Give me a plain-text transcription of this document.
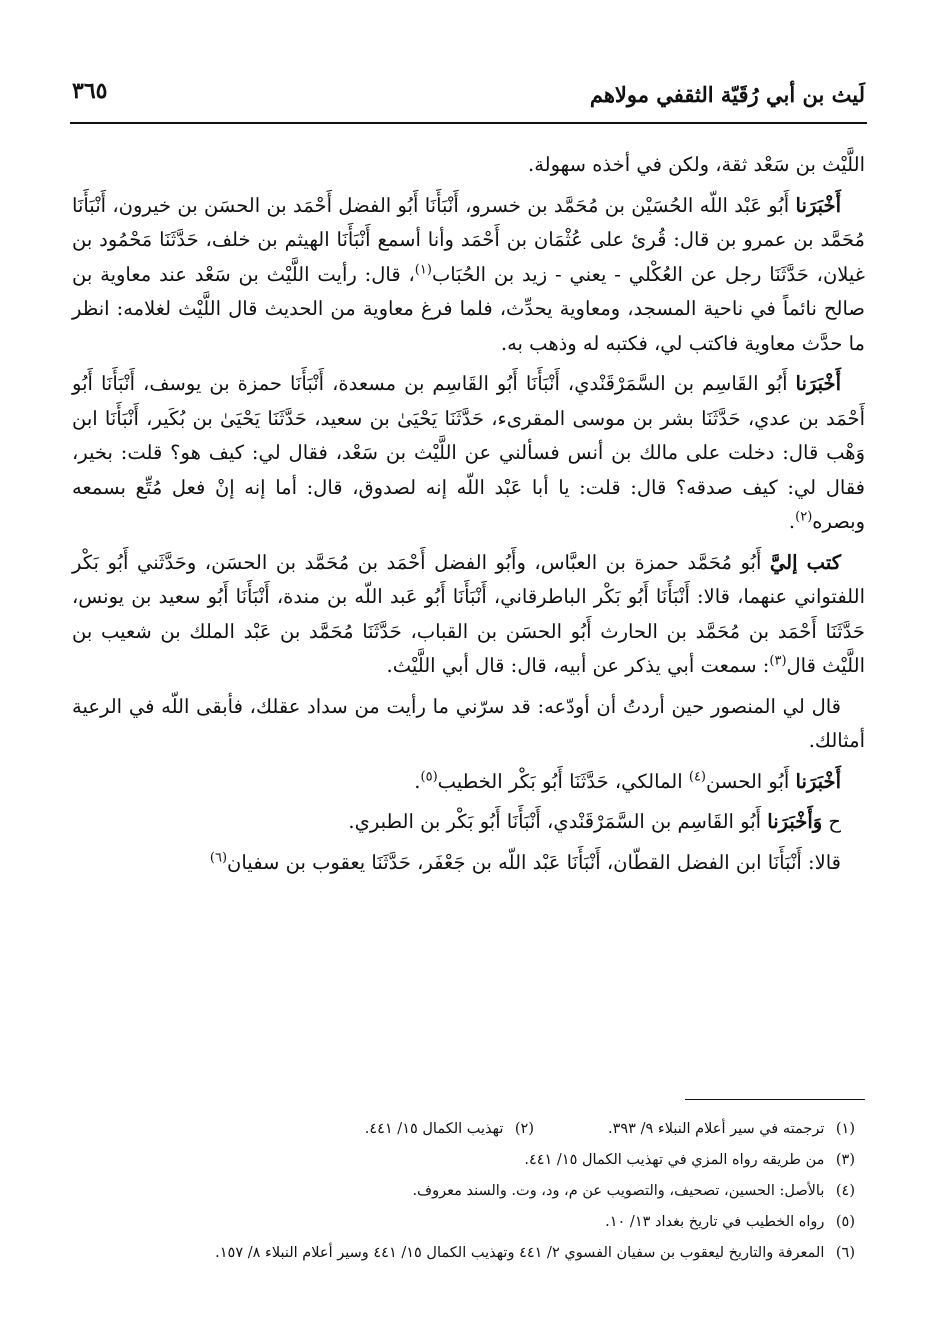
لَيث بن أبي رُقَيّة الثقفي مولاهم
٣٦٥

اللَّيْث بن سَعْد ثقة، ولكن في أخذه سهولة.

أَخْبَرَنا أَبُو عَبْد اللّه الحُسَيْن بن مُحَمَّد بن خسرو، أَنْبَأَنَا أَبُو الفضل أَحْمَد بن الحسَن بن خيرون، أَنْبَأَنَا مُحَمَّد بن عمرو بن قال: قُرئ على عُثْمَان بن أَحْمَد وأنا أسمع أَنْبَأَنَا الهيثم بن خلف، حَدَّثَنَا مَحْمُود بن غيلان، حَدَّثَنَا رجل عن العُكْلي - يعني - زيد بن الحُبَاب$^{(١)}$، قال: رأيت اللَّيْث بن سَعْد عند معاوية بن صالح نائماً في ناحية المسجد، ومعاوية يحدِّث، فلما فرغ معاوية من الحديث قال اللَّيْث لغلامه: انظر ما حدَّث معاوية فاكتب لي، فكتبه له وذهب به.

أَخْبَرَنا أَبُو القَاسِم بن السَّمَرْقَنْدي، أَنْبَأَنَا أَبُو القَاسِم بن مسعدة، أَنْبَأَنَا حمزة بن يوسف، أَنْبَأَنَا أَبُو أَحْمَد بن عدي، حَدَّثَنَا بشر بن موسى المقرىء، حَدَّثَنَا يَحْيَىٰ بن سعيد، حَدَّثَنَا يَحْيَىٰ بن بُكَير، أَنْبَأَنَا ابن وَهْب قال: دخلت على مالك بن أنس فسألني عن اللَّيْث بن سَعْد، فقال لي: كيف هو؟ قلت: بخير، فقال لي: كيف صدقه؟ قال: قلت: يا أبا عَبْد اللّه إنه لصدوق، قال: أما إنه إنْ فعل مُتِّع بسمعه وبصره$^{(٢)}$.

كتب إليَّ أَبُو مُحَمَّد حمزة بن العبَّاس، وأَبُو الفضل أَحْمَد بن مُحَمَّد بن الحسَن، وحَدَّثَني أَبُو بَكْر اللفتواني عنهما، قالا: أَنْبَأَنَا أَبُو بَكْر الباطرقاني، أَنْبَأَنَا أَبُو عَبد اللّه بن مندة، أَنْبَأَنَا أَبُو سعيد بن يونس، حَدَّثَنَا أَحْمَد بن مُحَمَّد بن الحارث أَبُو الحسَن بن القباب، حَدَّثَنَا مُحَمَّد بن عَبْد الملك بن شعيب بن اللَّيْث قال$^{(٣)}$: سمعت أبي يذكر عن أبيه، قال: قال أبي اللَّيْث.

قال لي المنصور حين أردتُ أن أودّعه: قد سرّني ما رأيت من سداد عقلك، فأبقى اللّه في الرعية أمثالك.

أَخْبَرَنا أَبُو الحسن$^{(٤)}$ المالكي، حَدَّثَنَا أَبُو بَكْر الخطيب$^{(٥)}$.

ح وَأَخْبَرَنا أَبُو القَاسِم بن السَّمَرْقَنْدي، أَنْبَأَنَا أَبُو بَكْر بن الطبري.

قالا: أَنْبَأَنَا ابن الفضل القطّان، أَنْبَأَنَا عَبْد اللّه بن جَعْفَر، حَدَّثَنَا يعقوب بن سفيان$^{(٦)}$

(١) ترجمته في سير أعلام النبلاء ٩/ ٣٩٣.
(٢) تهذيب الكمال ١٥/ ٤٤١.
(٣) من طريقه رواه المزي في تهذيب الكمال ١٥/ ٤٤١.
(٤) بالأصل: الحسين، تصحيف، والتصويب عن م، ود، وت. والسند معروف.
(٥) رواه الخطيب في تاريخ بغداد ١٣/ ١٠.
(٦) المعرفة والتاريخ ليعقوب بن سفيان الفسوي ٢/ ٤٤١ وتهذيب الكمال ١٥/ ٤٤١ وسير أعلام النبلاء ٨/ ١٥٧.
